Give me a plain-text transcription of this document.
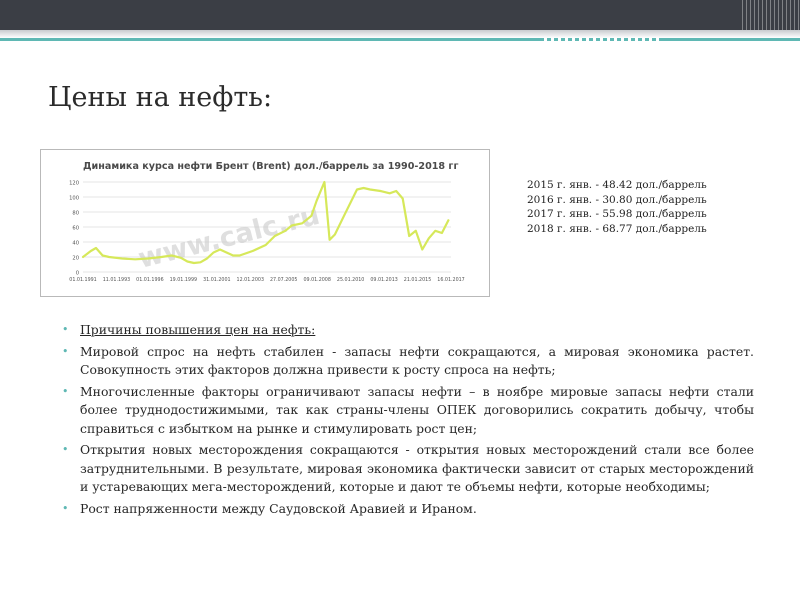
Цены на нефть:
Динамика курса нефти Брент (Brent) дол./баррель за 1990-2018 гг
0
20
40
60
80
100
120
01.01.1991 11.01.1993 01.01.1996 19.01.1999 31.01.2001 12.01.2003 27.07.2005 09.01.2008 25.01.2010 09.01.2013 21.01.2015 16.01.2017
www.calc.ru
2015 г. янв. - 48.42 дол./баррель
2016 г. янв. - 30.80 дол./баррель
2017 г. янв. - 55.98 дол./баррель
2018 г. янв. - 68.77 дол./баррель
• Причины повышения цен на нефть:
• Мировой спрос на нефть стабилен - запасы нефти сокращаются, а мировая экономика растет. Совокупность этих факторов должна привести к росту спроса на нефть;
• Многочисленные факторы ограничивают запасы нефти – в ноябре мировые запасы нефти стали более труднодостижимыми, так как страны-члены ОПЕК договорились сократить добычу, чтобы справиться с избытком на рынке и стимулировать рост цен;
• Открытия новых месторождения сокращаются - открытия новых месторождений стали все более затруднительными. В результате, мировая экономика фактически зависит от старых месторождений и устаревающих мега-месторождений, которые и дают те объемы нефти, которые необходимы;
• Рост напряженности между Саудовской Аравией и Ираном.
